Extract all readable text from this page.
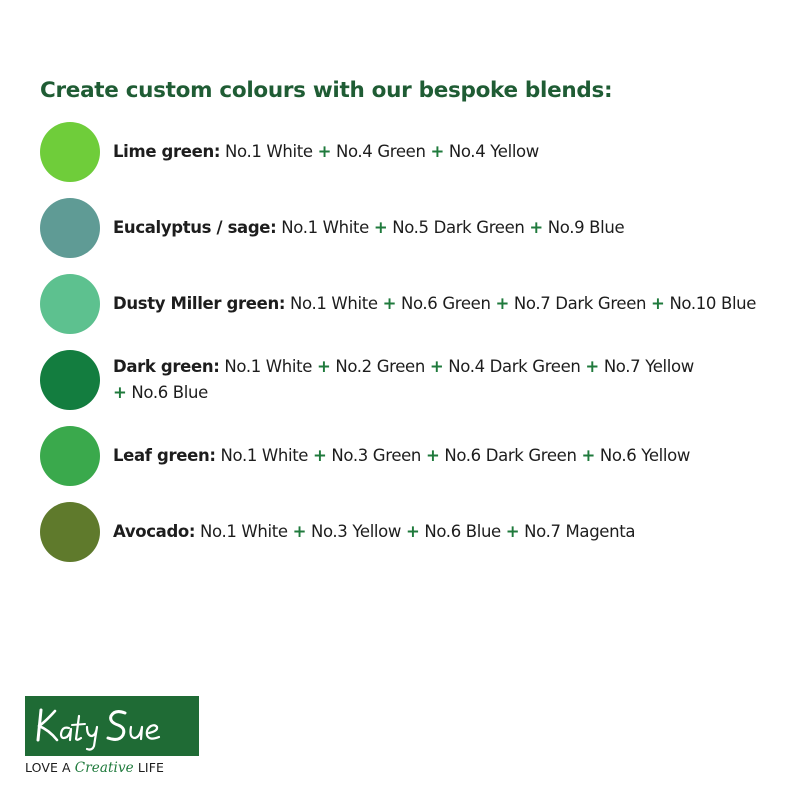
Create custom colours with our bespoke blends:
Lime green: No.1 White + No.4 Green + No.4 Yellow
Eucalyptus / sage: No.1 White + No.5 Dark Green + No.9 Blue
Dusty Miller green: No.1 White + No.6 Green + No.7 Dark Green + No.10 Blue
Dark green: No.1 White + No.2 Green + No.4 Dark Green + No.7 Yellow
+ No.6 Blue
Leaf green: No.1 White + No.3 Green + No.6 Dark Green + No.6 Yellow
Avocado: No.1 White + No.3 Yellow + No.6 Blue + No.7 Magenta
LOVE A Creative LIFE
